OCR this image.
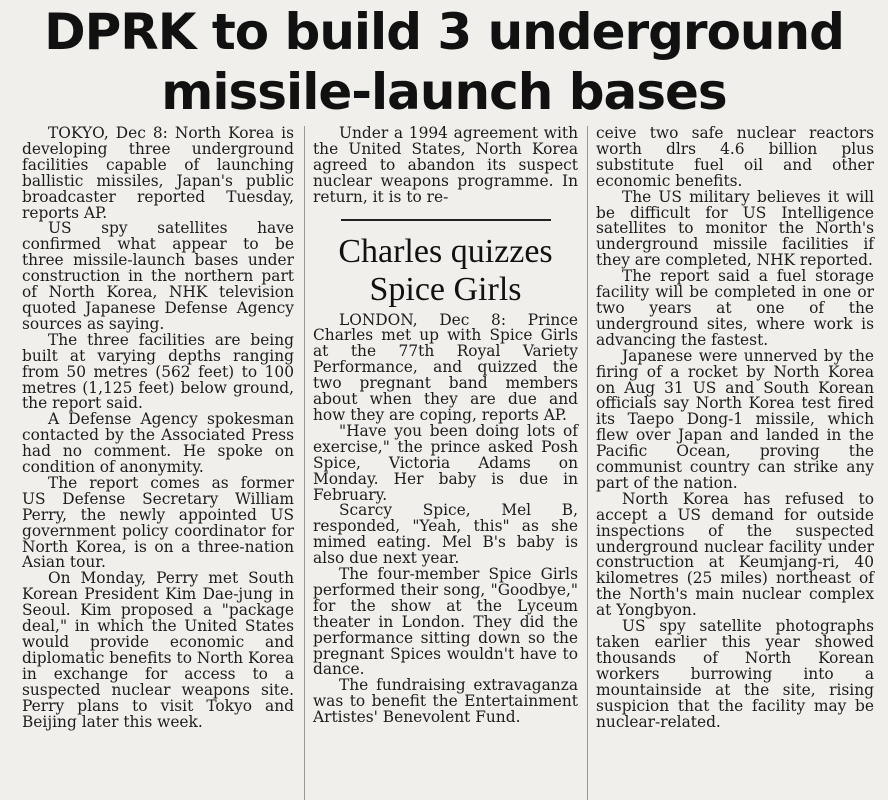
DPRK to build 3 underground
missile-launch bases

TOKYO, Dec 8: North Korea is developing three underground facilities capable of launching ballistic missiles, Japan's public broadcaster reported Tuesday, reports AP.

US spy satellites have confirmed what appear to be three missile-launch bases under construction in the northern part of North Korea, NHK television quoted Japanese Defense Agency sources as saying.

The three facilities are being built at varying depths ranging from 50 metres (562 feet) to 100 metres (1,125 feet) below ground, the report said.

A Defense Agency spokesman contacted by the Associated Press had no comment. He spoke on condition of anonymity.

The report comes as former US Defense Secretary William Perry, the newly appointed US government policy coordinator for North Korea, is on a three-nation Asian tour.

On Monday, Perry met South Korean President Kim Dae-jung in Seoul. Kim proposed a "package deal," in which the United States would provide economic and diplomatic benefits to North Korea in exchange for access to a suspected nuclear weapons site. Perry plans to visit Tokyo and Beijing later this week.

Under a 1994 agreement with the United States, North Korea agreed to abandon its suspect nuclear weapons programme. In return, it is to re-

Charles quizzes
Spice Girls

LONDON, Dec 8: Prince Charles met up with Spice Girls at the 77th Royal Variety Performance, and quizzed the two pregnant band members about when they are due and how they are coping, reports AP.

"Have you been doing lots of exercise," the prince asked Posh Spice, Victoria Adams on Monday. Her baby is due in February.

Scarcy Spice, Mel B, responded, "Yeah, this" as she mimed eating. Mel B's baby is also due next year.

The four-member Spice Girls performed their song, "Goodbye," for the show at the Lyceum theater in London. They did the performance sitting down so the pregnant Spices wouldn't have to dance.

The fundraising extravaganza was to benefit the Entertainment Artistes' Benevolent Fund.

ceive two safe nuclear reactors worth dlrs 4.6 billion plus substitute fuel oil and other economic benefits.

The US military believes it will be difficult for US Intelligence satellites to monitor the North's underground missile facilities if they are completed, NHK reported.

The report said a fuel storage facility will be completed in one or two years at one of the underground sites, where work is advancing the fastest.

Japanese were unnerved by the firing of a rocket by North Korea on Aug 31 US and South Korean officials say North Korea test fired its Taepo Dong-1 missile, which flew over Japan and landed in the Pacific Ocean, proving the communist country can strike any part of the nation.

North Korea has refused to accept a US demand for outside inspections of the suspected underground nuclear facility under construction at Keumjang-ri, 40 kilometres (25 miles) northeast of the North's main nuclear complex at Yongbyon.

US spy satellite photographs taken earlier this year showed thousands of North Korean workers burrowing into a mountainside at the site, rising suspicion that the facility may be nuclear-related.
